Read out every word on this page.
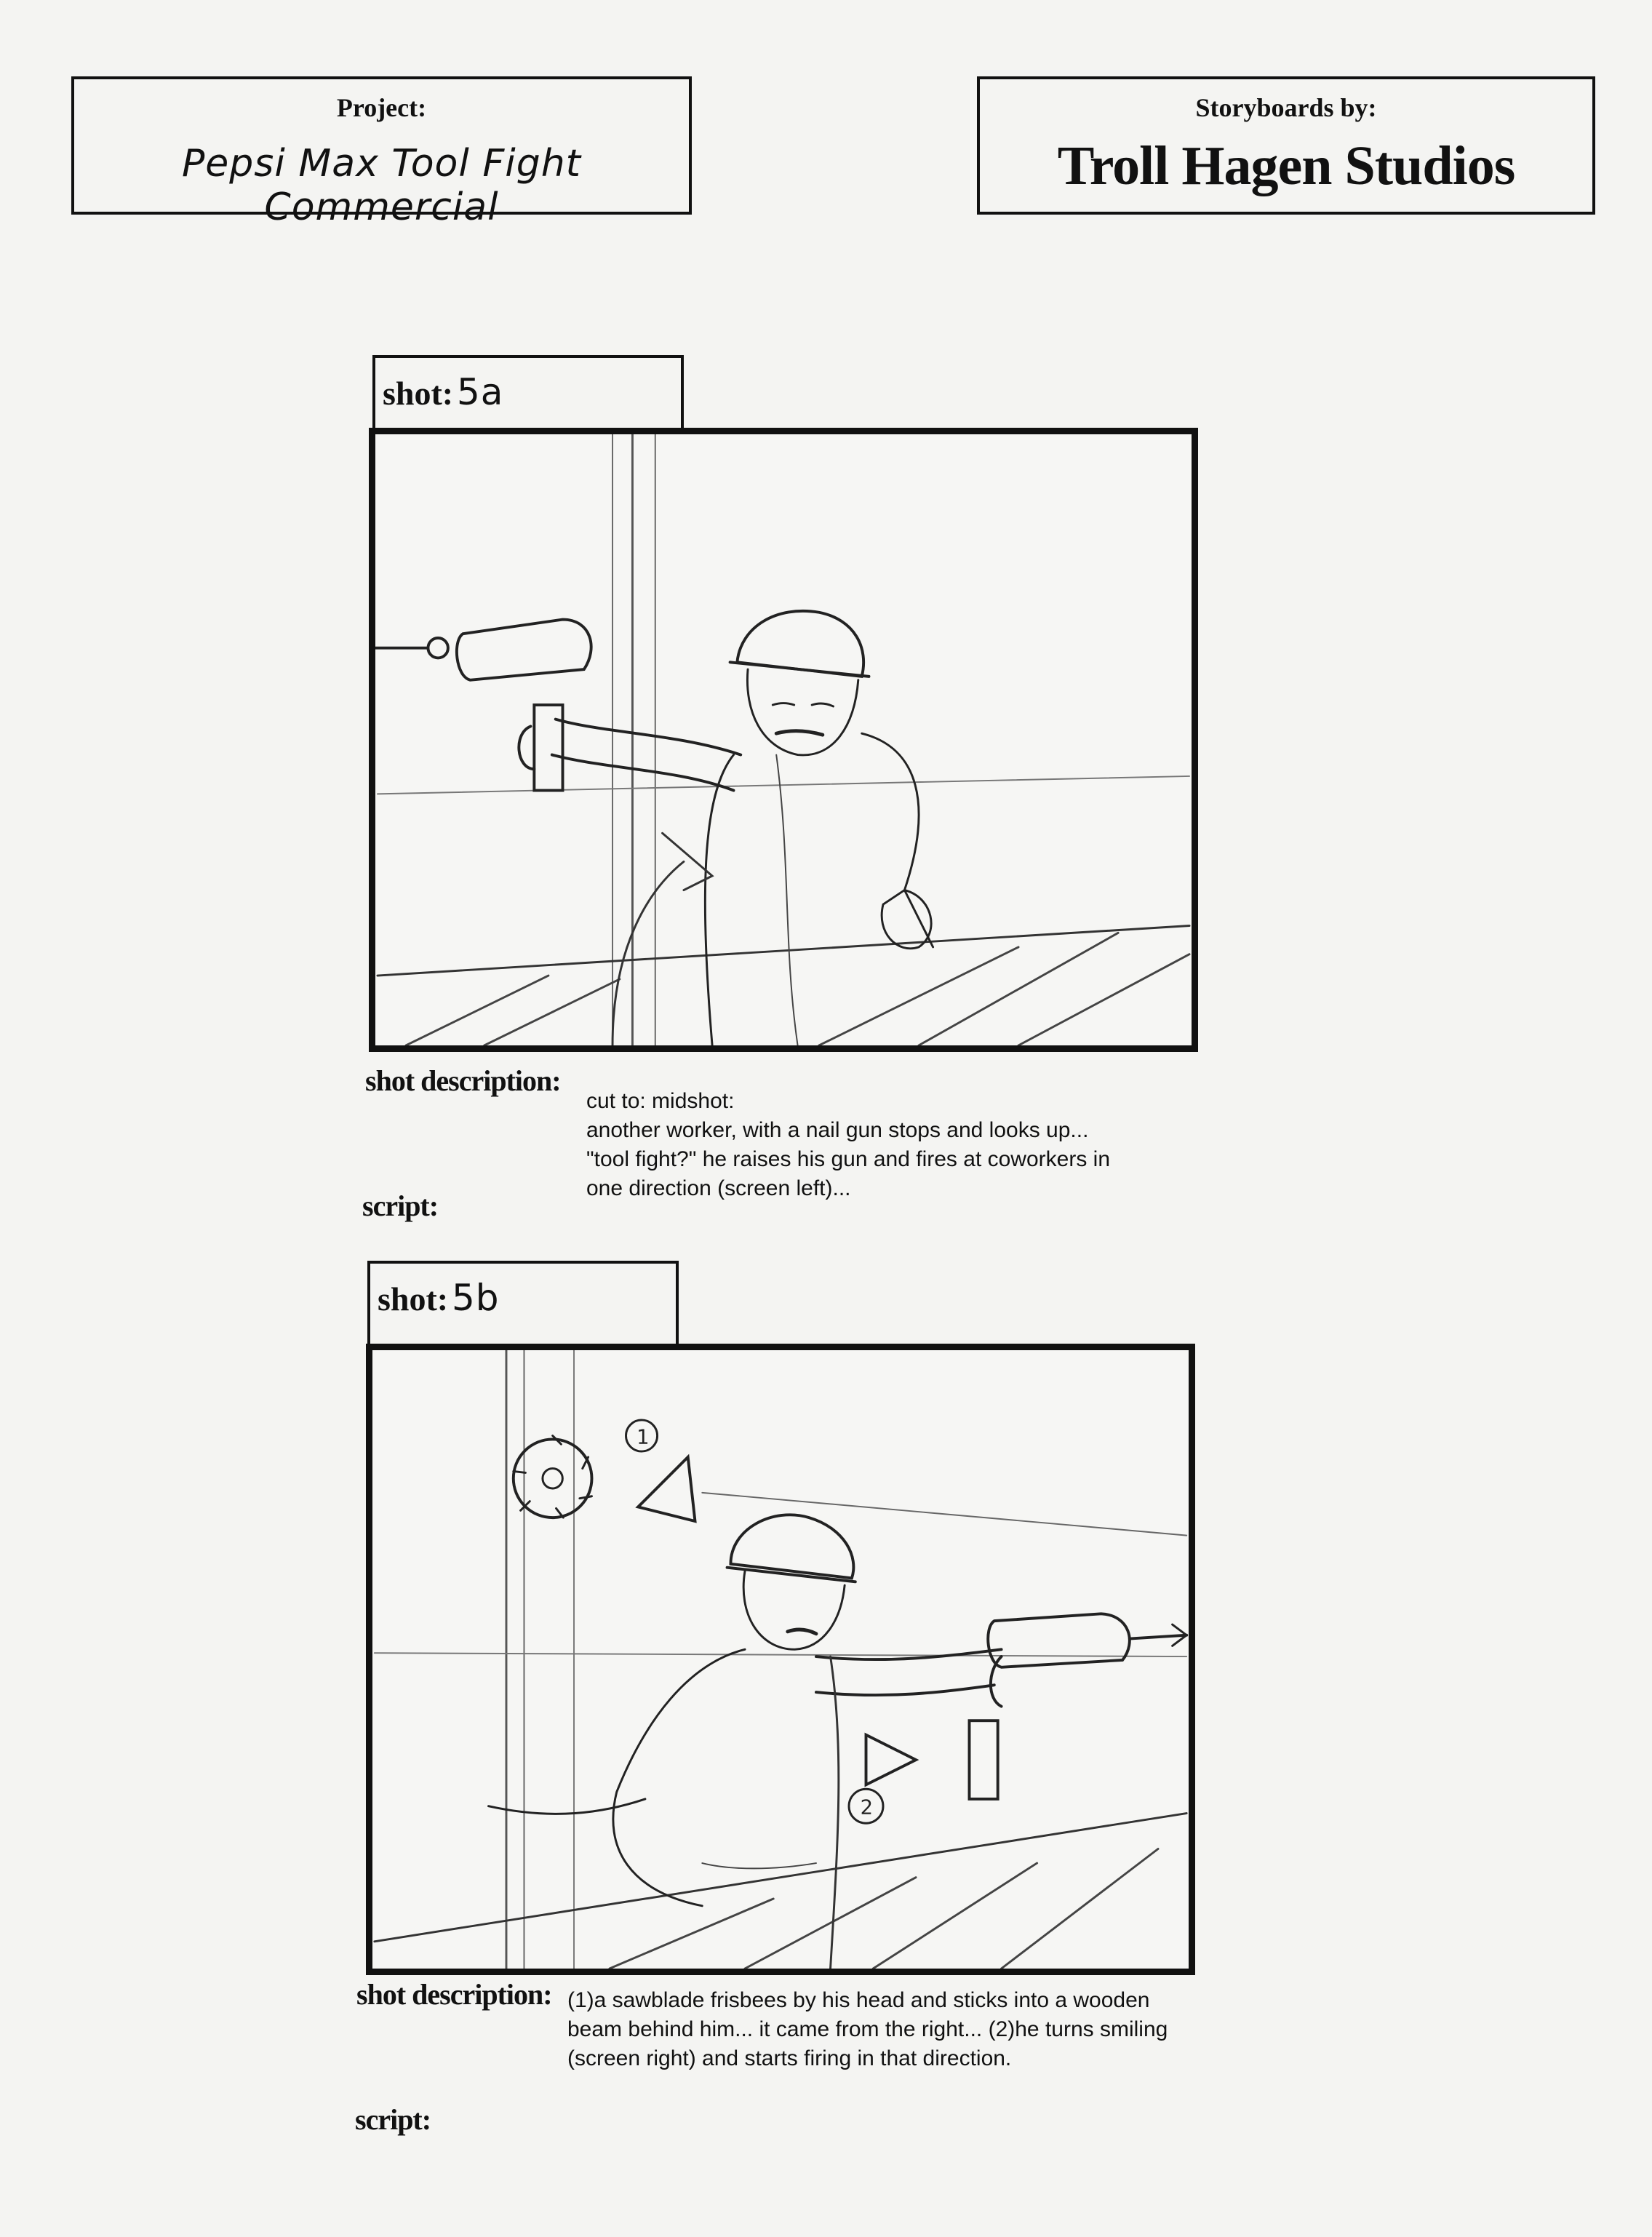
Project:
Pepsi Max Tool Fight Commercial
Storyboards by:
Troll Hagen Studios
shot: 5a
shot description:
cut to: midshot:
another worker, with a nail gun stops and looks up...
"tool fight?" he raises his gun and fires at coworkers in
one direction (screen left)...
script:
shot: 5b
1
2
shot description: (1)a sawblade frisbees by his head and sticks into a wooden
beam behind him... it came from the right... (2)he turns smiling
(screen right) and starts firing in that direction.
script:
